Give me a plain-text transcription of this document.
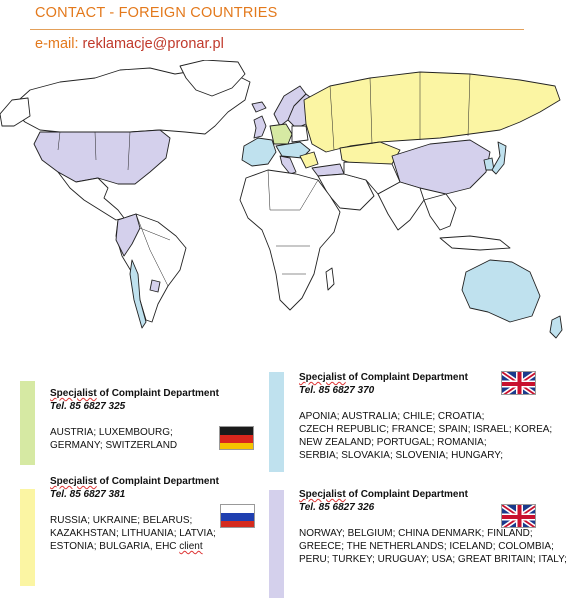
CONTACT - FOREIGN COUNTRIES
e-mail: reklamacje@pronar.pl
Specjalist of Complaint Department
Tel. 85 6827 325
AUSTRIA; LUXEMBOURG;
GERMANY; SWITZERLAND
Specjalist of Complaint Department
Tel. 85 6827 381
RUSSIA; UKRAINE; BELARUS;
KAZAKHSTAN; LITHUANIA; LATVIA;
ESTONIA; BULGARIA, EHC client
Specjalist of Complaint Department
Tel. 85 6827 370
APONIA; AUSTRALIA; CHILE; CROATIA;
CZECH REPUBLIC; FRANCE; SPAIN; ISRAEL; KOREA;
NEW ZEALAND; PORTUGAL; ROMANIA;
SERBIA; SLOVAKIA; SLOVENIA; HUNGARY;
Specjalist of Complaint Department
Tel. 85 6827 326
NORWAY; BELGIUM; CHINA DENMARK; FINLAND;
GREECE; THE NETHERLANDS; ICELAND; COLOMBIA;
PERU; TURKEY; URUGUAY; USA; GREAT BRITAIN; ITALY;
